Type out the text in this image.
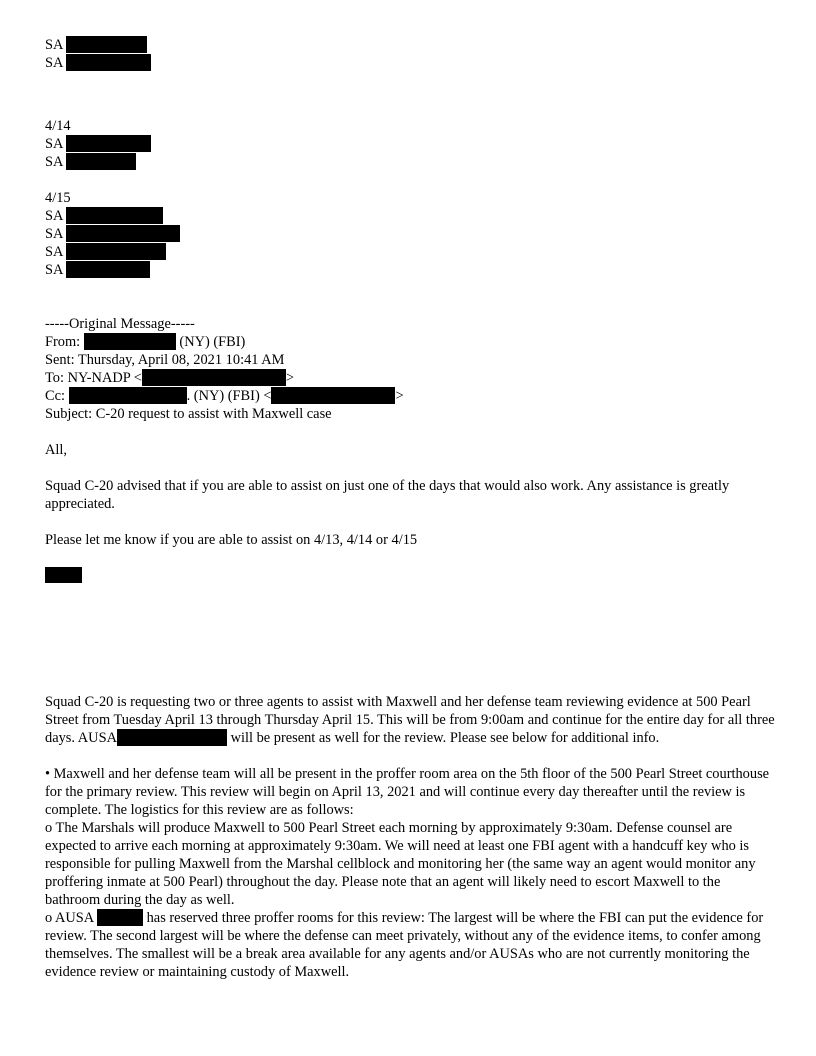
SA
SA
4/14
SA
SA
4/15
SA
SA
SA
SA
-----Original Message-----
From:	(NY) (FBI)
Sent: Thursday, April 08, 2021 10:41 AM
To: NY-NADP <	>
Cc:	. (NY) (FBI) <	>
Subject: C-20 request to assist with Maxwell case
All,

Squad C-20 advised that if you are able to assist on just one of the days that would also work. Any assistance is greatly appreciated.

Please let me know if you are able to assist on 4/13, 4/14 or 4/15

Squad C-20 is requesting two or three agents to assist with Maxwell and her defense team reviewing evidence at 500 Pearl Street from Tuesday April 13 through Thursday April 15. This will be from 9:00am and continue for the entire day for all three days. AUSA	will be present as well for the review. Please see below for additional info.

• Maxwell and her defense team will all be present in the proffer room area on the 5th floor of the 500 Pearl Street courthouse for the primary review. This review will begin on April 13, 2021 and will continue every day thereafter until the review is complete. The logistics for this review are as follows:

o The Marshals will produce Maxwell to 500 Pearl Street each morning by approximately 9:30am. Defense counsel are expected to arrive each morning at approximately 9:30am. We will need at least one FBI agent with a handcuff key who is responsible for pulling Maxwell from the Marshal cellblock and monitoring her (the same way an agent would monitor any proffering inmate at 500 Pearl) throughout the day. Please note that an agent will likely need to escort Maxwell to the bathroom during the day as well.

o AUSA	has reserved three proffer rooms for this review: The largest will be where the FBI can put the evidence for review. The second largest will be where the defense can meet privately, without any of the evidence items, to confer among themselves. The smallest will be a break area available for any agents and/or AUSAs who are not currently monitoring the evidence review or maintaining custody of Maxwell.
